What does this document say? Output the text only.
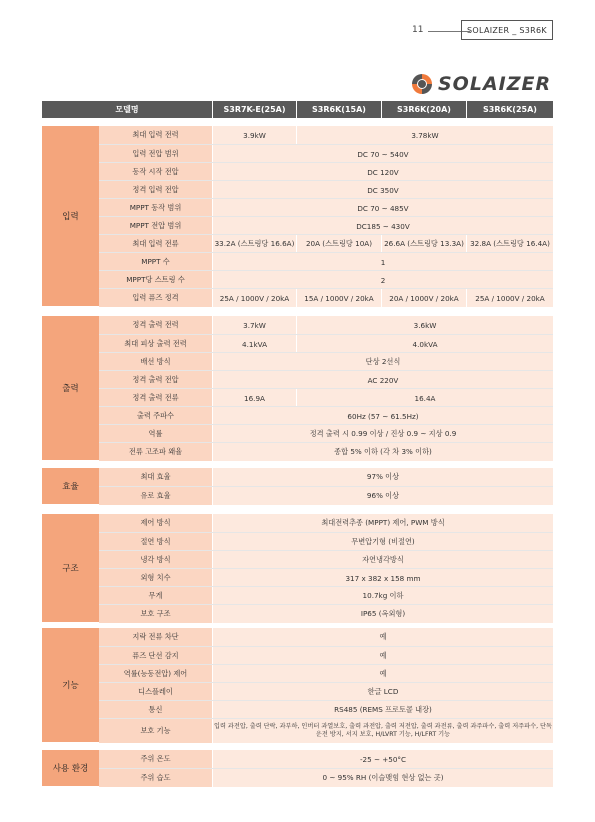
11	SOLAIZER _ S3R6K
SOLAIZER
모델명	S3R7K-E(25A)	S3R6K(15A)	S3R6K(20A)	S3R6K(25A)
입력
최대 입력 전력	3.9kW	3.78kW
입력 전압 범위	DC 70 ~ 540V
동작 시작 전압	DC 120V
정격 입력 전압	DC 350V
MPPT 동작 범위	DC 70 ~ 485V
MPPT 전압 범위	DC185 ~ 430V
최대 입력 전류	33.2A (스트링당 16.6A)	20A (스트링당 10A)	26.6A (스트링당 13.3A) 32.8A (스트링당 16.4A)
MPPT 수	1
MPPT당 스트링 수	2
입력 퓨즈 정격	25A / 1000V / 20kA	15A / 1000V / 20kA	20A / 1000V / 20kA	25A / 1000V / 20kA
출력
정격 출력 전력	3.7kW	3.6kW
최대 피상 출력 전력	4.1kVA	4.0kVA
배선 방식	단상 2선식
정격 출력 전압	AC 220V
정격 출력 전류	16.9A	16.4A
출력 주파수	60Hz (57 ~ 61.5Hz)
역률	정격 출력 시 0.99 이상 / 진상 0.9 ~ 지상 0.9
전류 고조파 왜율	종합 5% 이하 (각 차 3% 이하)
효율
최대 효율	97% 이상
유로 효율	96% 이상
구조
제어 방식	최대전력추종 (MPPT) 제어, PWM 방식
절연 방식	무변압기형 (비절연)
냉각 방식	자연냉각방식
외형 치수	317 x 382 x 158 mm
무게	10.7kg 이하
보호 구조	IP65 (옥외형)
기능
지락 전류 차단	예
퓨즈 단선 감지	예
역률(능동전압) 제어	예
디스플레이	한글 LCD
통신	RS485 (REMS 프로토콜 내장)
보호 기능	입력 과전압, 출력 단락, 과부하, 인버터 과열보호, 출력 과전압, 출력 저전압, 출력 과전류, 출력 과주파수, 출력 저주파수, 단독운전 방지, 서지 보호, H/LVRT 기능, H/LFRT 기능
사용 환경
주위 온도	-25 ~ +50°C
주위 습도	0 ~ 95% RH (이슬맺힘 현상 없는 곳)
